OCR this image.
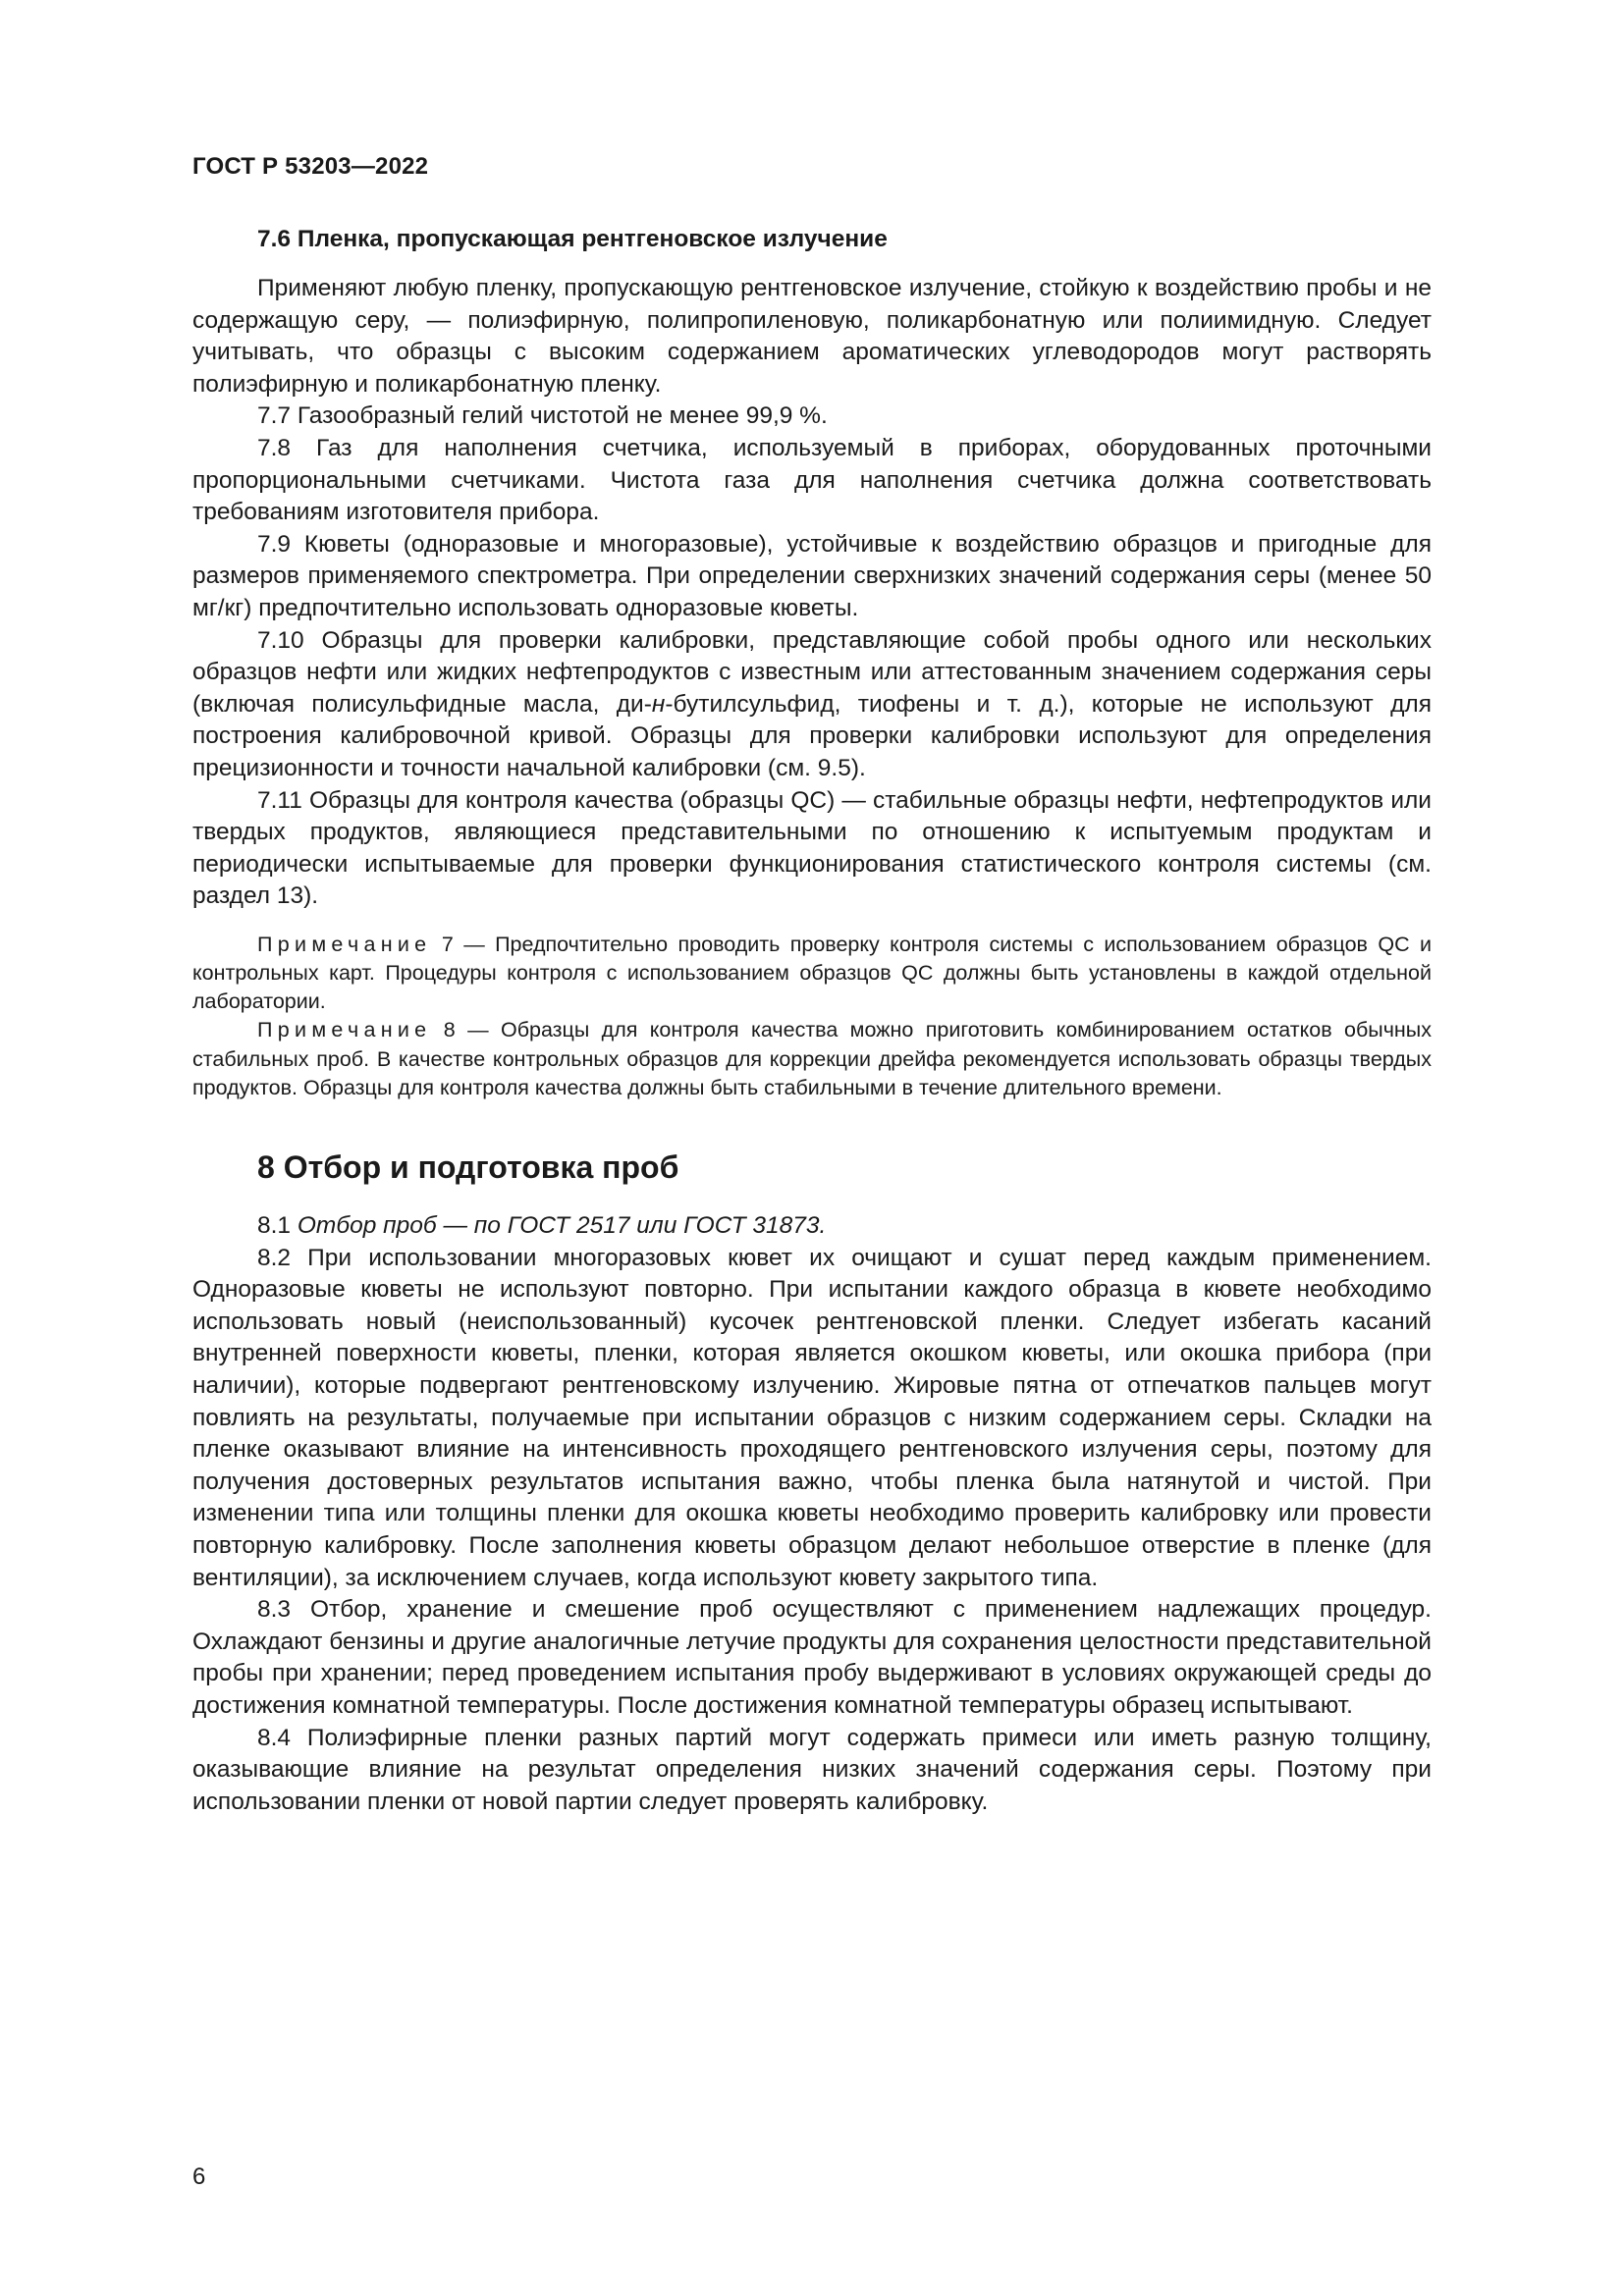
ГОСТ Р 53203—2022
7.6 Пленка, пропускающая рентгеновское излучение

Применяют любую пленку, пропускающую рентгеновское излучение, стойкую к воздействию пробы и не содержащую серу, — полиэфирную, полипропиленовую, поликарбонатную или полиимидную. Следует учитывать, что образцы с высоким содержанием ароматических углеводородов могут растворять полиэфирную и поликарбонатную пленку.

7.7 Газообразный гелий чистотой не менее 99,9 %.

7.8 Газ для наполнения счетчика, используемый в приборах, оборудованных проточными пропорциональными счетчиками. Чистота газа для наполнения счетчика должна соответствовать требованиям изготовителя прибора.

7.9 Кюветы (одноразовые и многоразовые), устойчивые к воздействию образцов и пригодные для размеров применяемого спектрометра. При определении сверхнизких значений содержания серы (менее 50 мг/кг) предпочтительно использовать одноразовые кюветы.

7.10 Образцы для проверки калибровки, представляющие собой пробы одного или нескольких образцов нефти или жидких нефтепродуктов с известным или аттестованным значением содержания серы (включая полисульфидные масла, ди-н-бутилсульфид, тиофены и т. д.), которые не используют для построения калибровочной кривой. Образцы для проверки калибровки используют для определения прецизионности и точности начальной калибровки (см. 9.5).

7.11 Образцы для контроля качества (образцы QC) — стабильные образцы нефти, нефтепродуктов или твердых продуктов, являющиеся представительными по отношению к испытуемым продуктам и периодически испытываемые для проверки функционирования статистического контроля системы (см. раздел 13).

Примечание 7 — Предпочтительно проводить проверку контроля системы с использованием образцов QC и контрольных карт. Процедуры контроля с использованием образцов QC должны быть установлены в каждой отдельной лаборатории.

Примечание 8 — Образцы для контроля качества можно приготовить комбинированием остатков обычных стабильных проб. В качестве контрольных образцов для коррекции дрейфа рекомендуется использовать образцы твердых продуктов. Образцы для контроля качества должны быть стабильными в течение длительного времени.

8 Отбор и подготовка проб

8.1 Отбор проб — по ГОСТ 2517 или ГОСТ 31873.

8.2 При использовании многоразовых кювет их очищают и сушат перед каждым применением. Одноразовые кюветы не используют повторно. При испытании каждого образца в кювете необходимо использовать новый (неиспользованный) кусочек рентгеновской пленки. Следует избегать касаний внутренней поверхности кюветы, пленки, которая является окошком кюветы, или окошка прибора (при наличии), которые подвергают рентгеновскому излучению. Жировые пятна от отпечатков пальцев могут повлиять на результаты, получаемые при испытании образцов с низким содержанием серы. Складки на пленке оказывают влияние на интенсивность проходящего рентгеновского излучения серы, поэтому для получения достоверных результатов испытания важно, чтобы пленка была натянутой и чистой. При изменении типа или толщины пленки для окошка кюветы необходимо проверить калибровку или провести повторную калибровку. После заполнения кюветы образцом делают небольшое отверстие в пленке (для вентиляции), за исключением случаев, когда используют кювету закрытого типа.

8.3 Отбор, хранение и смешение проб осуществляют с применением надлежащих процедур. Охлаждают бензины и другие аналогичные летучие продукты для сохранения целостности представительной пробы при хранении; перед проведением испытания пробу выдерживают в условиях окружающей среды до достижения комнатной температуры. После достижения комнатной температуры образец испытывают.

8.4 Полиэфирные пленки разных партий могут содержать примеси или иметь разную толщину, оказывающие влияние на результат определения низких значений содержания серы. Поэтому при использовании пленки от новой партии следует проверять калибровку.

6
